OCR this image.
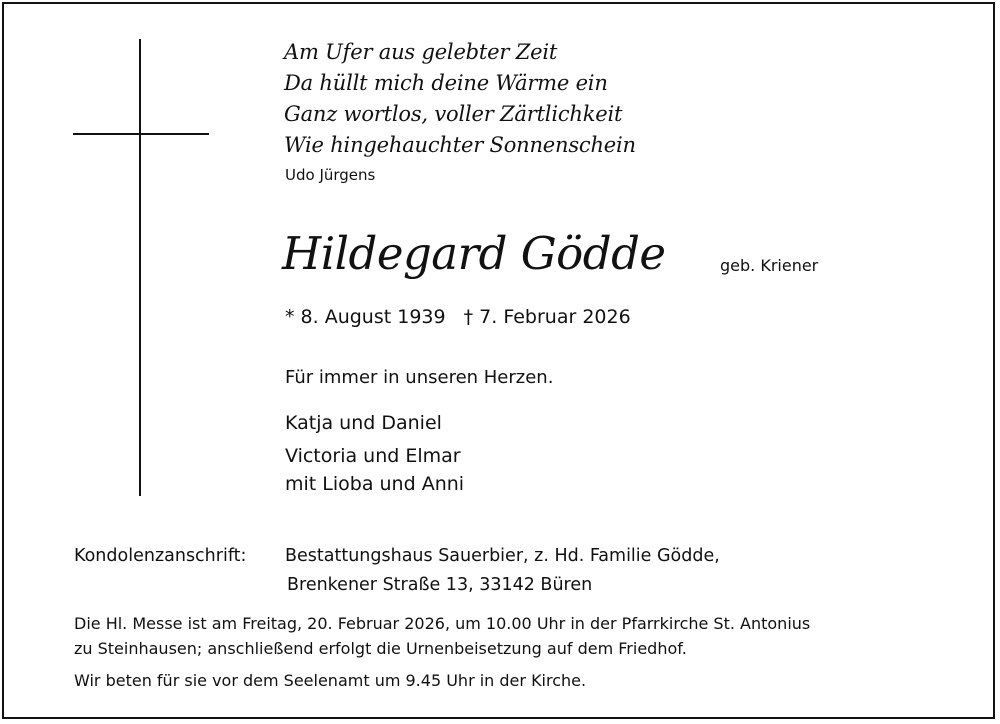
Am Ufer aus gelebter Zeit
Da hüllt mich deine Wärme ein
Ganz wortlos, voller Zärtlichkeit
Wie hingehauchter Sonnenschein
Udo Jürgens
Hildegard Gödde	geb. Kriener
* 8. August 1939 † 7. Februar 2026
Für immer in unseren Herzen.
Katja und Daniel
Victoria und Elmar
mit Lioba und Anni
Kondolenzanschrift: Bestattungshaus Sauerbier, z. Hd. Familie Gödde,
Brenkener Straße 13, 33142 Büren
Die Hl. Messe ist am Freitag, 20. Februar 2026, um 10.00 Uhr in der Pfarrkirche St. Antonius
zu Steinhausen; anschließend erfolgt die Urnenbeisetzung auf dem Friedhof.
Wir beten für sie vor dem Seelenamt um 9.45 Uhr in der Kirche.
